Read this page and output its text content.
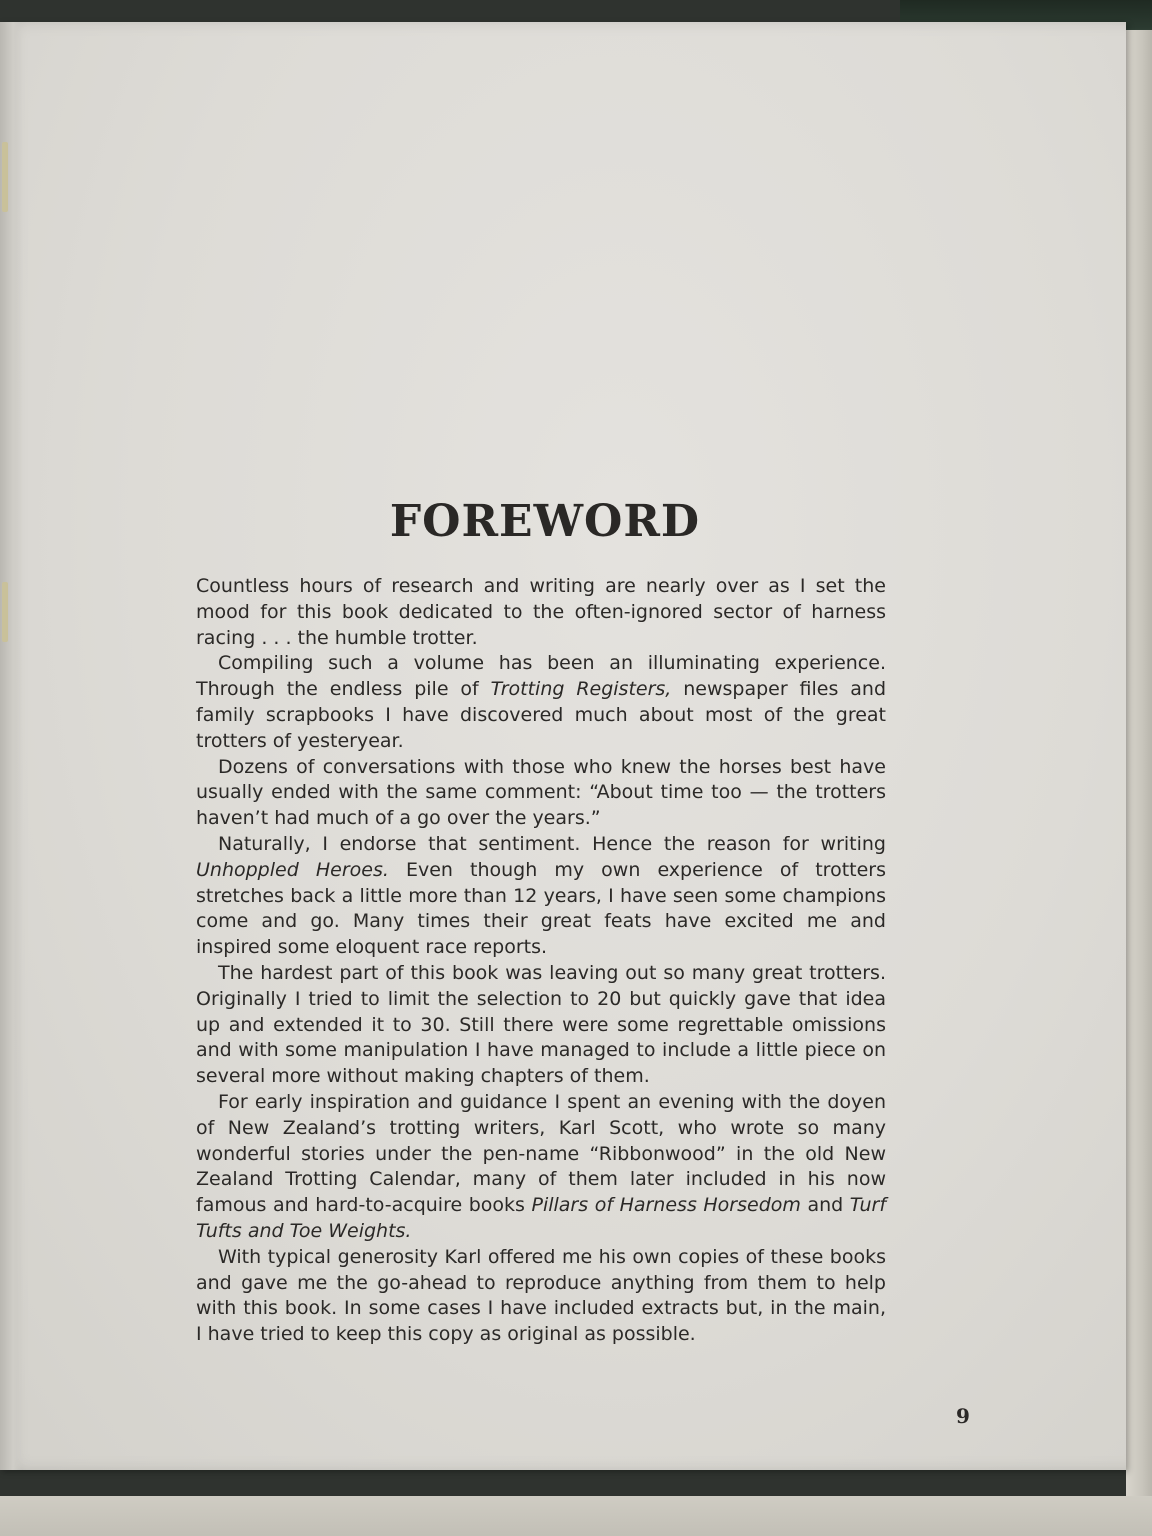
FOREWORD

Countless hours of research and writing are nearly over as I set the mood for this book dedicated to the often-ignored sector of harness racing . . . the humble trotter.

Compiling such a volume has been an illuminating experience. Through the endless pile of Trotting Registers, newspaper files and family scrapbooks I have discovered much about most of the great trotters of yesteryear.

Dozens of conversations with those who knew the horses best have usually ended with the same comment: “About time too — the trotters haven’t had much of a go over the years.”

Naturally, I endorse that sentiment. Hence the reason for writing Unhoppled Heroes. Even though my own experience of trotters stretches back a little more than 12 years, I have seen some champions come and go. Many times their great feats have excited me and inspired some eloquent race reports.

The hardest part of this book was leaving out so many great trotters. Originally I tried to limit the selection to 20 but quickly gave that idea up and extended it to 30. Still there were some regrettable omissions and with some manipulation I have managed to include a little piece on several more without making chapters of them.

For early inspiration and guidance I spent an evening with the doyen of New Zealand’s trotting writers, Karl Scott, who wrote so many wonderful stories under the pen-name “Ribbonwood” in the old New Zealand Trotting Calendar, many of them later included in his now famous and hard-to-acquire books Pillars of Harness Horsedom and Turf Tufts and Toe Weights.

With typical generosity Karl offered me his own copies of these books and gave me the go-ahead to reproduce anything from them to help with this book. In some cases I have included extracts but, in the main, I have tried to keep this copy as original as possible.

9
